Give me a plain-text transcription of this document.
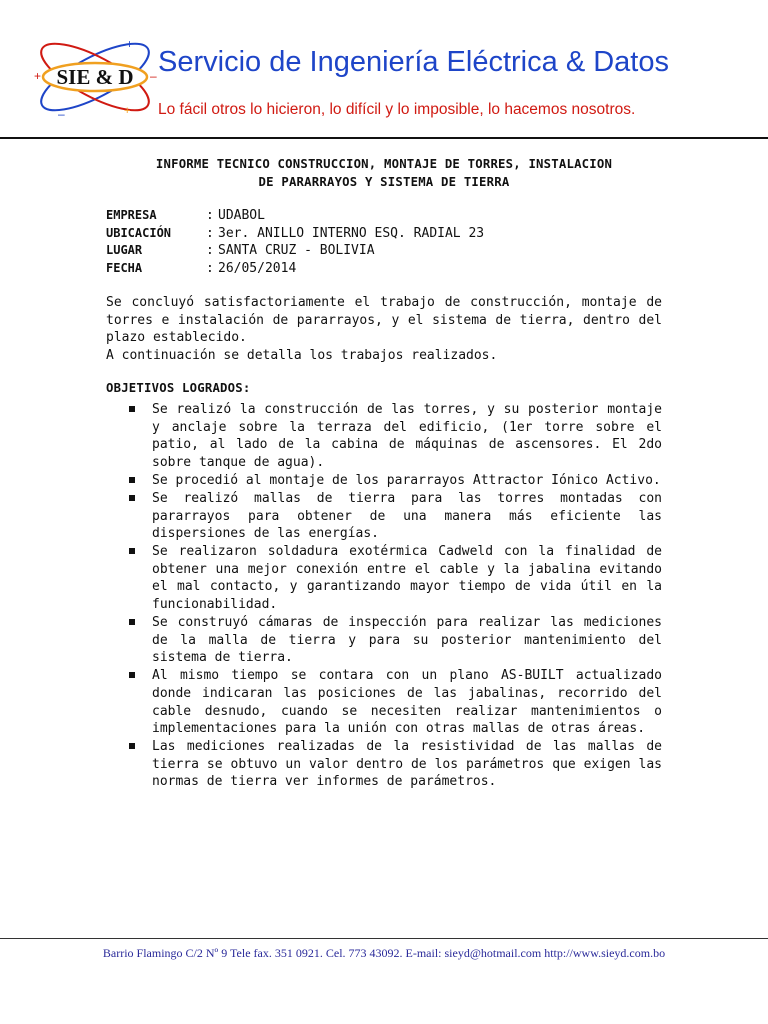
SIE & D
+
+	–
–	+
Servicio de Ingeniería Eléctrica & Datos
Lo fácil otros lo hicieron, lo difícil y lo imposible, lo hacemos nosotros.
INFORME TECNICO CONSTRUCCION, MONTAJE DE TORRES, INSTALACION
DE PARARRAYOS Y SISTEMA DE TIERRA
EMPRESA	: UDABOL
UBICACIÓN	: 3er. ANILLO INTERNO ESQ. RADIAL 23
LUGAR	: SANTA CRUZ - BOLIVIA
FECHA	: 26/05/2014

Se concluyó satisfactoriamente el trabajo de construcción, montaje de torres e instalación de pararrayos, y el sistema de tierra, dentro del plazo establecido.

A continuación se detalla los trabajos realizados.

OBJETIVOS LOGRADOS:
Se realizó la construcción de las torres, y su posterior montaje y anclaje sobre la terraza del edificio, (1er torre sobre el patio, al lado de la cabina de máquinas de ascensores. El 2do sobre tanque de agua).
Se procedió al montaje de los pararrayos Attractor Iónico Activo.
Se realizó mallas de tierra para las torres montadas con pararrayos para obtener de una manera más eficiente las dispersiones de las energías.
Se realizaron soldadura exotérmica Cadweld con la finalidad de obtener una mejor conexión entre el cable y la jabalina evitando el mal contacto, y garantizando mayor tiempo de vida útil en la funcionabilidad.
Se construyó cámaras de inspección para realizar las mediciones de la malla de tierra y para su posterior mantenimiento del sistema de tierra.
Al mismo tiempo se contara con un plano AS-BUILT actualizado donde indicaran las posiciones de las jabalinas, recorrido del cable desnudo, cuando se necesiten realizar mantenimientos o implementaciones para la unión con otras mallas de otras áreas.
Las mediciones realizadas de la resistividad de las mallas de tierra se obtuvo un valor dentro de los parámetros que exigen las normas de tierra ver informes de parámetros.
Barrio Flamingo C/2 Nº 9 Tele fax. 351 0921. Cel. 773 43092. E-mail: sieyd@hotmail.com http://www.sieyd.com.bo
